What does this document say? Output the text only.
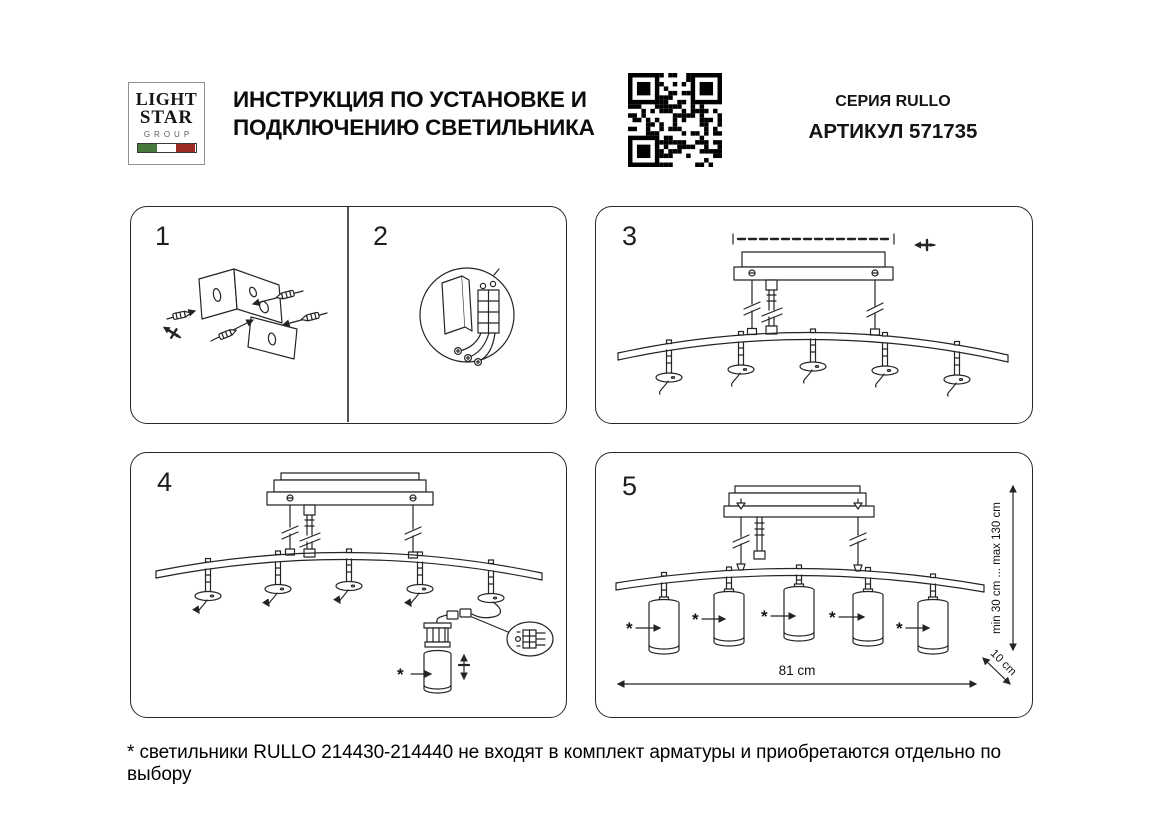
LIGHT
STAR
GROUP
ИНСТРУКЦИЯ ПО УСТАНОВКЕ И
ПОДКЛЮЧЕНИЮ СВЕТИЛЬНИКА
СЕРИЯ RULLO
АРТИКУЛ 571735
1	2	3
4
*
5
*	*	*	*
*
81 cm
min 30 cm ... max 130 cm
10 cm
* светильники RULLO 214430-214440 не входят в комплект арматуры и приобретаются отдельно по выбору
